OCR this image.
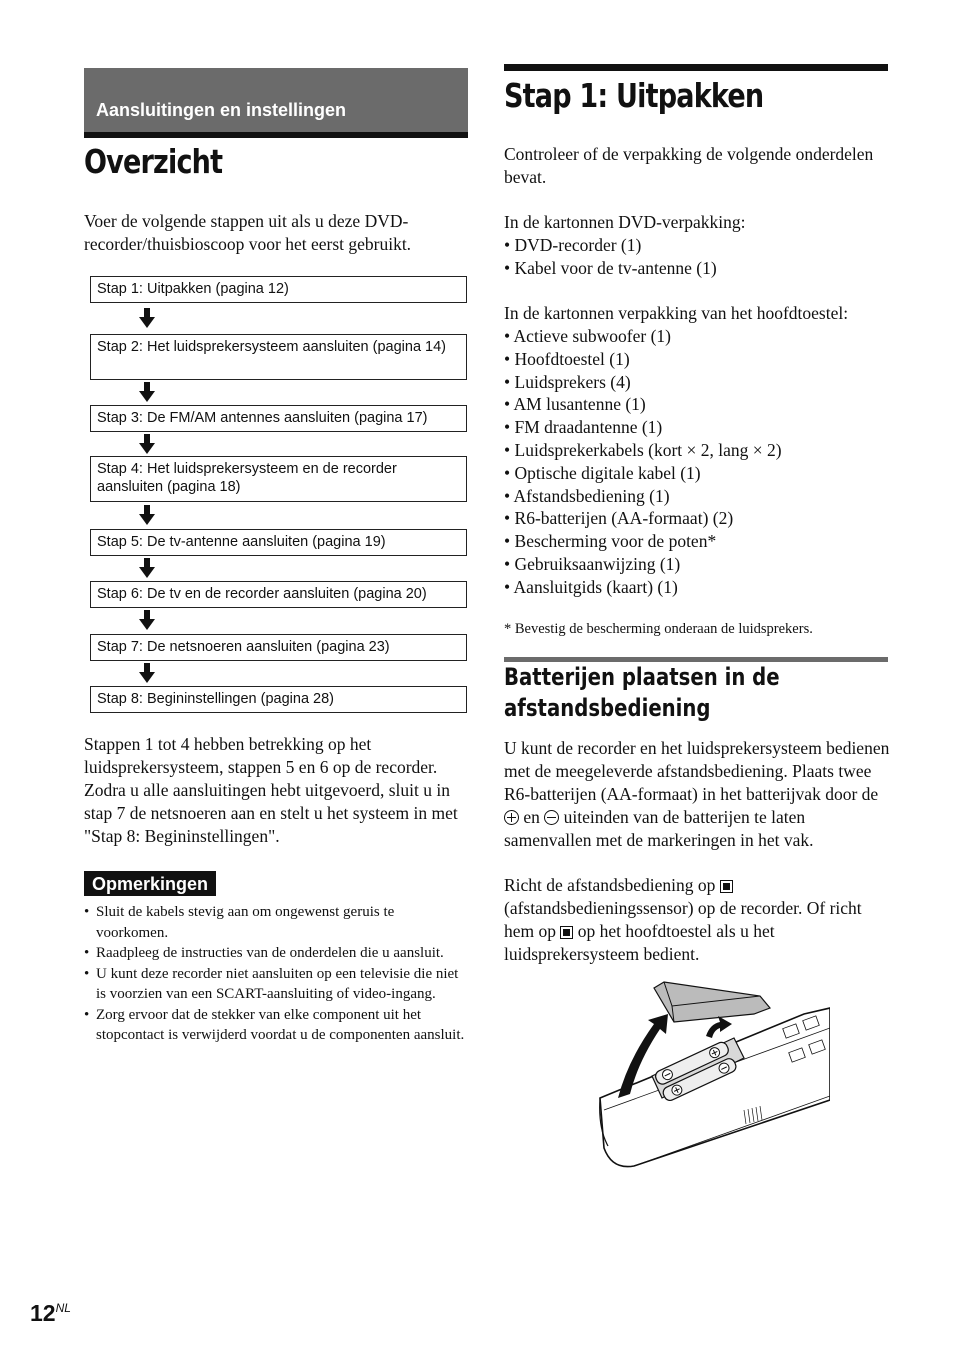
Aansluitingen en instellingen
Overzicht

Voer de volgende stappen uit als u deze DVD-recorder/thuisbioscoop voor het eerst gebruikt.

Stap 1: Uitpakken (pagina 12)
Stap 2: Het luidsprekersysteem aansluiten (pagina 14)
Stap 3: De FM/AM antennes aansluiten (pagina 17)
Stap 4: Het luidsprekersysteem en de recorder aansluiten (pagina 18)
Stap 5: De tv-antenne aansluiten (pagina 19)
Stap 6: De tv en de recorder aansluiten (pagina 20)
Stap 7: De netsnoeren aansluiten (pagina 23)
Stap 8: Begininstellingen (pagina 28)

Stappen 1 tot 4 hebben betrekking op het luidsprekersysteem, stappen 5 en 6 op de recorder. Zodra u alle aansluitingen hebt uitgevoerd, sluit u in stap 7 de netsnoeren aan en stelt u het systeem in met "Stap 8: Begininstellingen".

Opmerkingen
• Sluit de kabels stevig aan om ongewenst geruis te voorkomen.
• Raadpleeg de instructies van de onderdelen die u aansluit.
• U kunt deze recorder niet aansluiten op een televisie die niet is voorzien van een SCART-aansluiting of video-ingang.
• Zorg ervoor dat de stekker van elke component uit het stopcontact is verwijderd voordat u de componenten aansluit.
Stap 1: Uitpakken

Controleer of de verpakking de volgende onderdelen bevat.

In de kartonnen DVD-verpakking:

• DVD-recorder (1)
• Kabel voor de tv-antenne (1)

In de kartonnen verpakking van het hoofdtoestel:

• Actieve subwoofer (1)
• Hoofdtoestel (1)
• Luidsprekers (4)
• AM lusantenne (1)
• FM draadantenne (1)
• Luidsprekerkabels (kort × 2, lang × 2)
• Optische digitale kabel (1)
• Afstandsbediening (1)
• R6-batterijen (AA-formaat) (2)
• Bescherming voor de poten*
• Gebruiksaanwijzing (1)
• Aansluitgids (kaart) (1)
* Bevestig de bescherming onderaan de luidsprekers.
Batterijen plaatsen in de afstandsbediening

U kunt de recorder en het luidsprekersysteem bedienen met de meegeleverde afstandsbediening. Plaats twee R6-batterijen (AA-formaat) in het batterijvak door de  en uiteinden van de batterijen te laten samenvallen met de markeringen in het vak.

Richt de afstandsbediening op  (afstandsbedieningssensor) op de recorder. Of richt hem op op het hoofdtoestel als u het luidsprekersysteem bedient.

$12^{NL}$
